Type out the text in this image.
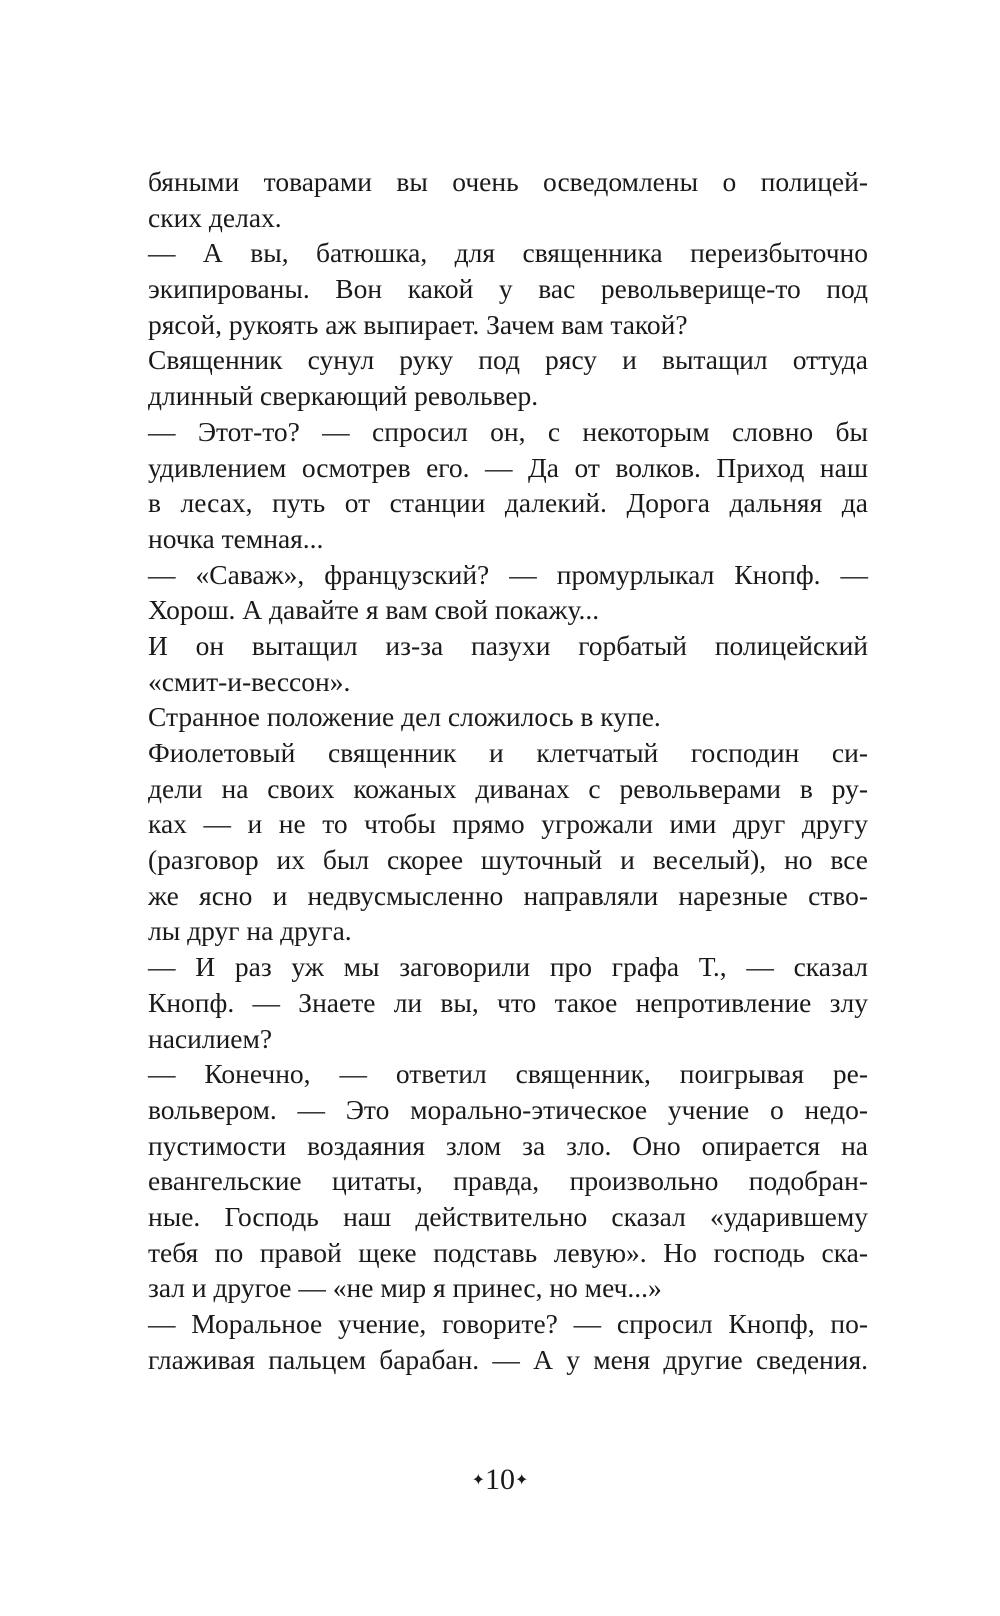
бяными товарами вы очень осведомлены о полицей-
ских делах.
— А вы, батюшка, для священника переизбыточно
экипированы. Вон какой у вас револьверище-то под
рясой, рукоять аж выпирает. Зачем вам такой?
Священник сунул руку под рясу и вытащил оттуда
длинный сверкающий револьвер.
— Этот-то? — спросил он, с некоторым словно бы
удивлением осмотрев его. — Да от волков. Приход наш
в лесах, путь от станции далекий. Дорога дальняя да
ночка темная...
— «Саваж», французский? — промурлыкал Кнопф. —
Хорош. А давайте я вам свой покажу...
И он вытащил из-за пазухи горбатый полицейский
«смит-и-вессон».
Странное положение дел сложилось в купе.
Фиолетовый священник и клетчатый господин си-
дели на своих кожаных диванах с револьверами в ру-
ках — и не то чтобы прямо угрожали ими друг другу
(разговор их был скорее шуточный и веселый), но все
же ясно и недвусмысленно направляли нарезные ство-
лы друг на друга.
— И раз уж мы заговорили про графа Т., — сказал
Кнопф. — Знаете ли вы, что такое непротивление злу
насилием?
— Конечно, — ответил священник, поигрывая ре-
вольвером. — Это морально-этическое учение о недо-
пустимости воздаяния злом за зло. Оно опирается на
евангельские цитаты, правда, произвольно подобран-
ные. Господь наш действительно сказал «ударившему
тебя по правой щеке подставь левую». Но господь ска-
зал и другое — «не мир я принес, но меч...»
— Моральное учение, говорите? — спросил Кнопф, по-
глаживая пальцем барабан. — А у меня другие сведения.
✦10✦
